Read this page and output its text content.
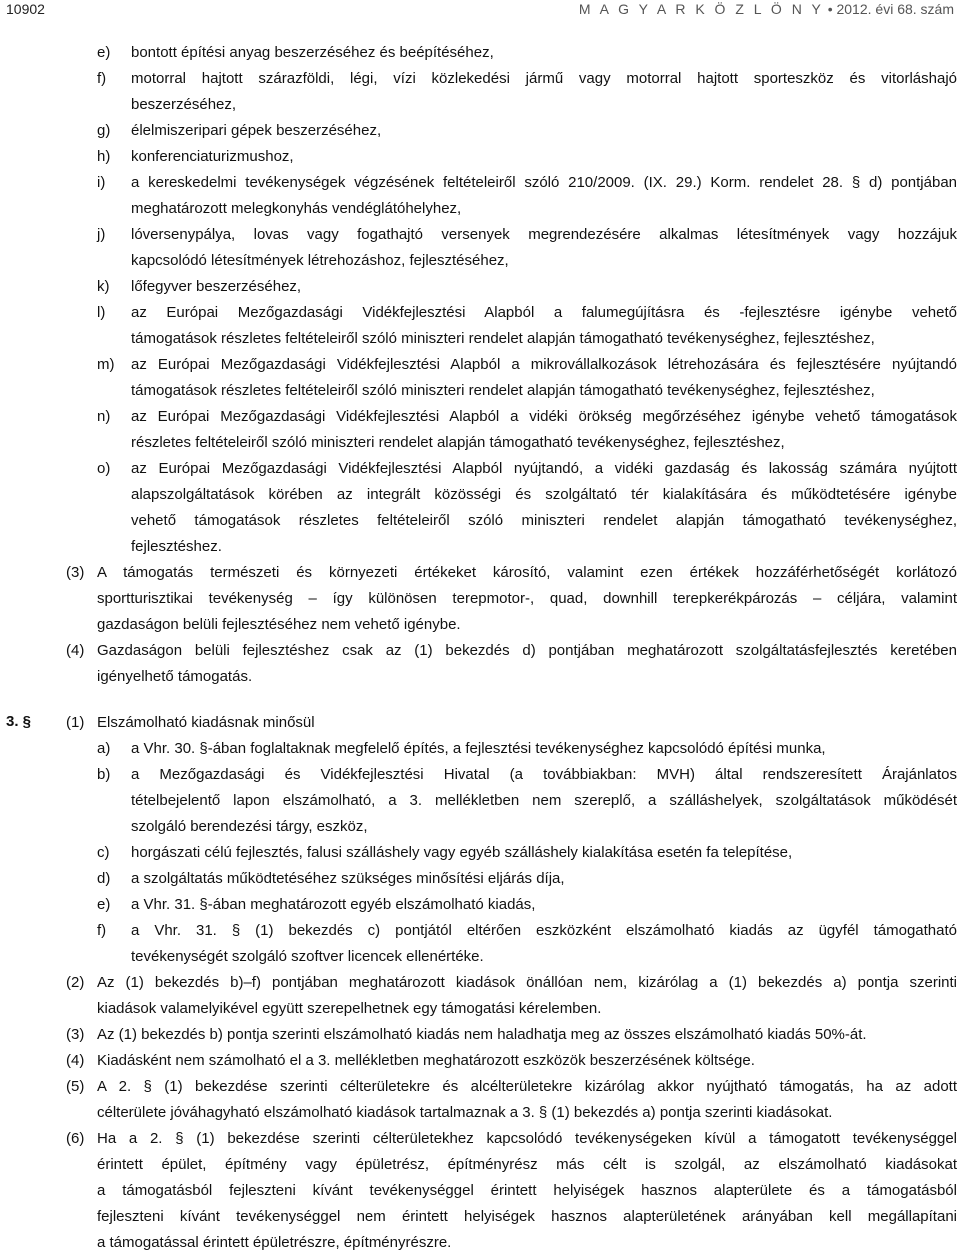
10902	M A G Y A R K Ö Z L Ö N Y • 2012. évi 68. szám
e) bontott építési anyag beszerzéséhez és beépítéséhez,
f) motorral hajtott szárazföldi, légi, vízi közlekedési jármű vagy motorral hajtott sporteszköz és vitorláshajó
beszerzéséhez,
g) élelmiszeripari gépek beszerzéséhez,
h) konferenciaturizmushoz,
i) a kereskedelmi tevékenységek végzésének feltételeiről szóló 210/2009. (IX. 29.) Korm. rendelet 28. § d) pontjában
meghatározott melegkonyhás vendéglátóhelyhez,
j) lóversenypálya, lovas vagy fogathajtó versenyek megrendezésére alkalmas létesítmények vagy hozzájuk
kapcsolódó létesítmények létrehozáshoz, fejlesztéséhez,
k) lőfegyver beszerzéséhez,
l) az Európai Mezőgazdasági Vidékfejlesztési Alapból a falumegújításra és -fejlesztésre igénybe vehető
támogatások részletes feltételeiről szóló miniszteri rendelet alapján támogatható tevékenységhez, fejlesztéshez,
m) az Európai Mezőgazdasági Vidékfejlesztési Alapból a mikrovállalkozások létrehozására és fejlesztésére nyújtandó
támogatások részletes feltételeiről szóló miniszteri rendelet alapján támogatható tevékenységhez, fejlesztéshez,
n) az Európai Mezőgazdasági Vidékfejlesztési Alapból a vidéki örökség megőrzéséhez igénybe vehető támogatások
részletes feltételeiről szóló miniszteri rendelet alapján támogatható tevékenységhez, fejlesztéshez,
o) az Európai Mezőgazdasági Vidékfejlesztési Alapból nyújtandó, a vidéki gazdaság és lakosság számára nyújtott
alapszolgáltatások körében az integrált közösségi és szolgáltató tér kialakítására és működtetésére igénybe
vehető támogatások részletes feltételeiről szóló miniszteri rendelet alapján támogatható tevékenységhez,
fejlesztéshez.
(3) A támogatás természeti és környezeti értékeket károsító, valamint ezen értékek hozzáférhetőségét korlátozó
sportturisztikai tevékenység – így különösen terepmotor-, quad, downhill terepkerékpározás – céljára, valamint
gazdaságon belüli fejlesztéséhez nem vehető igénybe.
(4) Gazdaságon belüli fejlesztéshez csak az (1) bekezdés d) pontjában meghatározott szolgáltatásfejlesztés keretében
igényelhető támogatás.
3. § (1) Elszámolható kiadásnak minősül
a) a Vhr. 30. §-ában foglaltaknak megfelelő építés, a fejlesztési tevékenységhez kapcsolódó építési munka,
b) a Mezőgazdasági és Vidékfejlesztési Hivatal (a továbbiakban: MVH) által rendszeresített Árajánlatos
tételbejelentő lapon elszámolható, a 3. mellékletben nem szereplő, a szálláshelyek, szolgáltatások működését
szolgáló berendezési tárgy, eszköz,
c) horgászati célú fejlesztés, falusi szálláshely vagy egyéb szálláshely kialakítása esetén fa telepítése,
d) a szolgáltatás működtetéséhez szükséges minősítési eljárás díja,
e) a Vhr. 31. §-ában meghatározott egyéb elszámolható kiadás,
f) a Vhr. 31. § (1) bekezdés c) pontjától eltérően eszközként elszámolható kiadás az ügyfél támogatható
tevékenységét szolgáló szoftver licencek ellenértéke.
(2) Az (1) bekezdés b)–f) pontjában meghatározott kiadások önállóan nem, kizárólag a (1) bekezdés a) pontja szerinti
kiadások valamelyikével együtt szerepelhetnek egy támogatási kérelemben.
(3) Az (1) bekezdés b) pontja szerinti elszámolható kiadás nem haladhatja meg az összes elszámolható kiadás 50%-át.
(4) Kiadásként nem számolható el a 3. mellékletben meghatározott eszközök beszerzésének költsége.
(5) A 2. § (1) bekezdése szerinti célterületekre és alcélterületekre kizárólag akkor nyújtható támogatás, ha az adott
célterülete jóváhagyható elszámolható kiadások tartalmaznak a 3. § (1) bekezdés a) pontja szerinti kiadásokat.
(6) Ha a 2. § (1) bekezdése szerinti célterületekhez kapcsolódó tevékenységeken kívül a támogatott tevékenységgel
érintett épület, építmény vagy épületrész, építményrész más célt is szolgál, az elszámolható kiadásokat
a támogatásból fejleszteni kívánt tevékenységgel érintett helyiségek hasznos alapterülete és a támogatásból
fejleszteni kívánt tevékenységgel nem érintett helyiségek hasznos alapterületének arányában kell megállapítani
a támogatással érintett épületrészre, építményrészre.
